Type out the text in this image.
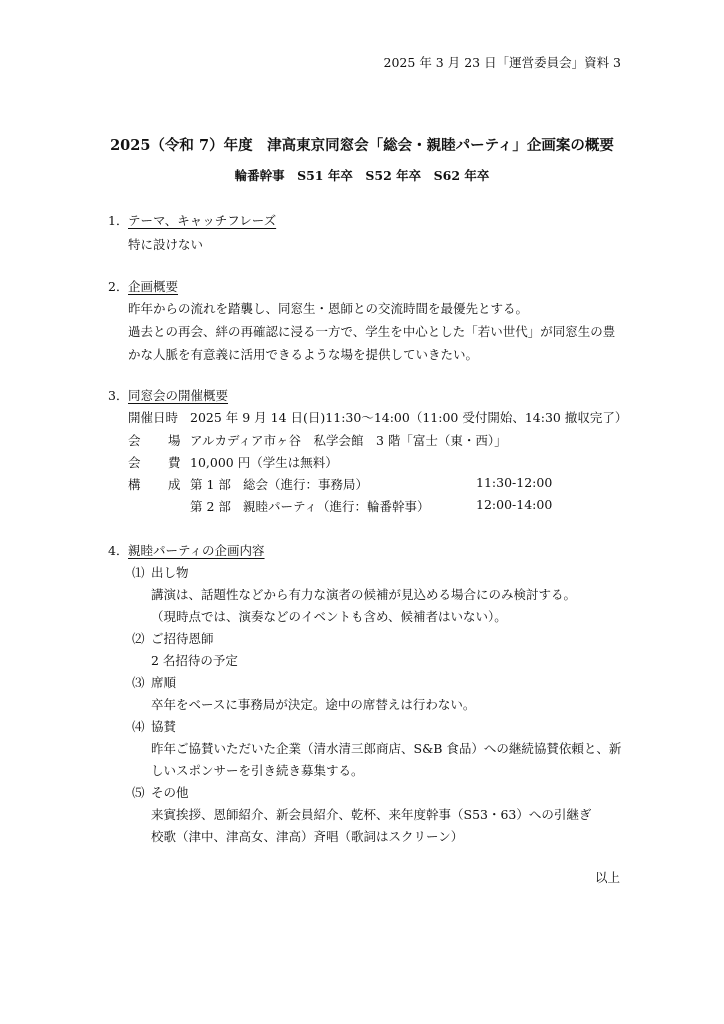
2025 年 3 月 23 日「運営委員会」資料 3
2025（令和 7）年度　津高東京同窓会「総会・親睦パーティ」企画案の概要
輪番幹事　S51 年卒　S52 年卒　S62 年卒
1．テーマ、キャッチフレーズ
特に設けない
2．企画概要
昨年からの流れを踏襲し、同窓生・恩師との交流時間を最優先とする。
過去との再会、絆の再確認に浸る一方で、学生を中心とした「若い世代」が同窓生の豊
かな人脈を有意義に活用できるような場を提供していきたい。
3．同窓会の開催概要
開催日時 2025 年 9 月 14 日(日)11:30～14:00（11:00 受付開始、14:30 撤収完了）
会 場 アルカディア市ヶ谷　私学会館　3 階「富士（東・西）」
会 費 10,000 円（学生は無料）
構 成 第 1 部 総会（進行：事務局）	11:30-12:00
第 2 部 親睦パーティ（進行：輪番幹事）	12:00-14:00
4．親睦パーティの企画内容
⑴ 出し物
講演は、話題性などから有力な演者の候補が見込める場合にのみ検討する。
（現時点では、演奏などのイベントも含め、候補者はいない）。
⑵ ご招待恩師
2 名招待の予定
⑶ 席順
卒年をベースに事務局が決定。途中の席替えは行わない。
⑷ 協賛
昨年ご協賛いただいた企業（清水清三郎商店、S&B 食品）への継続協賛依頼と、新
しいスポンサーを引き続き募集する。
⑸ その他
来賓挨拶、恩師紹介、新会員紹介、乾杯、来年度幹事（S53・63）への引継ぎ
校歌（津中、津高女、津高）斉唱（歌詞はスクリーン）
以上
